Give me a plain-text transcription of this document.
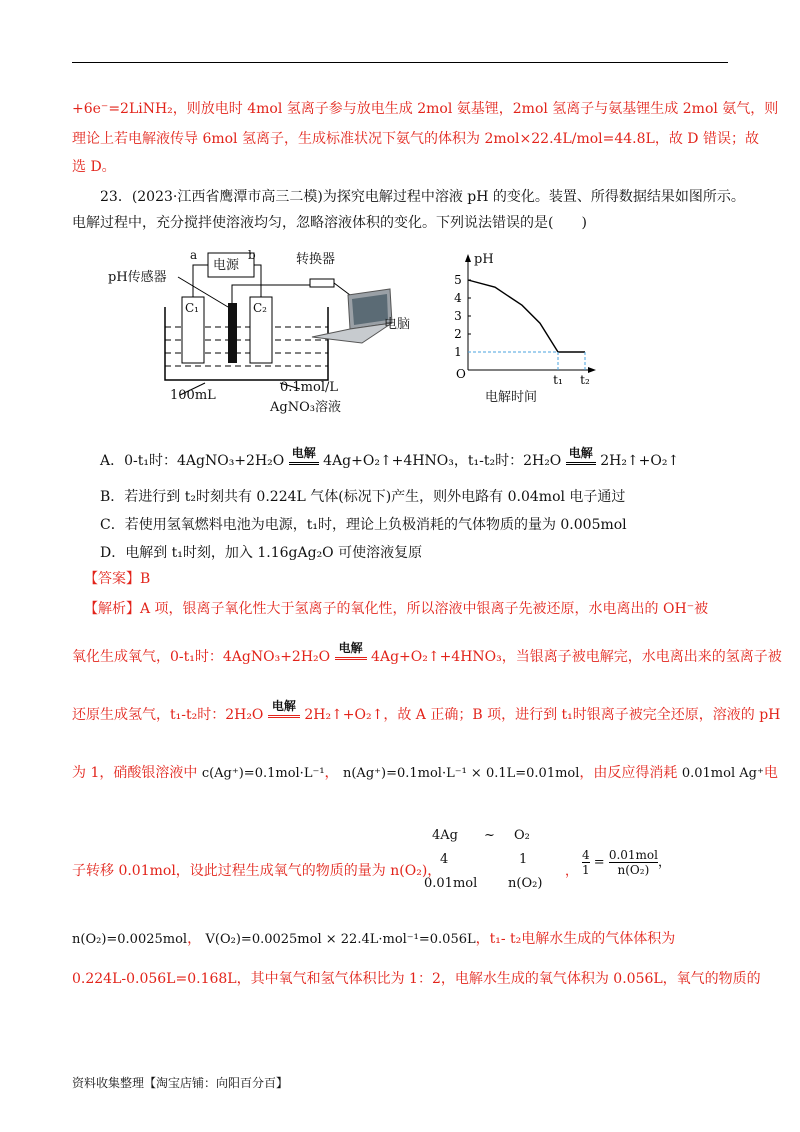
+6e⁻=2LiNH₂，则放电时 4mol 氢离子参与放电生成 2mol 氨基锂，2mol 氢离子与氨基锂生成 2mol 氨气，则
理论上若电解液传导 6mol 氢离子，生成标准状况下氨气的体积为 2mol×22.4L/mol=44.8L，故 D 错误；故
选 D。
23．(2023·江西省鹰潭市高三二模)为探究电解过程中溶液 pH 的变化。装置、所得数据结果如图所示。
电解过程中，充分搅拌使溶液均匀，忽略溶液体积的变化。下列说法错误的是(　　)
电源
a	b
pH传感器
转换器
C₁	C₂
电脑
100mL
0.1mol/L
AgNO₃溶液
1
2
3
4
5
O	t₁ t₂
pH
电解时间
A．0-t₁时：4AgNO₃+2H₂O 电解 4Ag+O₂↑+4HNO₃，t₁-t₂时：2H₂O 电解 2H₂↑+O₂↑
B．若进行到 t₂时刻共有 0.224L 气体(标况下)产生，则外电路有 0.04mol 电子通过
C．若使用氢氧燃料电池为电源，t₁时，理论上负极消耗的气体物质的量为 0.005mol
D．电解到 t₁时刻，加入 1.16gAg₂O 可使溶液复原
【答案】B
【解析】A 项，银离子氧化性大于氢离子的氧化性，所以溶液中银离子先被还原，水电离出的 OH⁻被
氧化生成氧气，0-t₁时：4AgNO₃+2H₂O 电解 4Ag+O₂↑+4HNO₃，当银离子被电解完，水电离出来的氢离子被
还原生成氢气，t₁-t₂时：2H₂O 电解 2H₂↑+O₂↑，故 A 正确；B 项，进行到 t₁时银离子被完全还原，溶液的 pH
为 1，硝酸银溶液中 c(Ag⁺)=0.1mol·L⁻¹， n(Ag⁺)=0.1mol·L⁻¹ × 0.1L=0.01mol，由反应得消耗 0.01mol Ag⁺电
4Ag ~ O₂
4	1
0.01mol n(O₂)
子转移 0.01mol，设此过程生成氧气的物质的量为 n(O₂)，	， $\frac{4}{1} = \frac{\text{0.01mol}}{\text{n(O₂)}}$ ，
n(O₂)=0.0025mol， V(O₂)=0.0025mol × 22.4L·mol⁻¹=0.056L，t₁- t₂电解水生成的气体体积为
0.224L-0.056L=0.168L，其中氧气和氢气体积比为 1：2，电解水生成的氧气体积为 0.056L，氧气的物质的
资料收集整理【淘宝店铺：向阳百分百】
